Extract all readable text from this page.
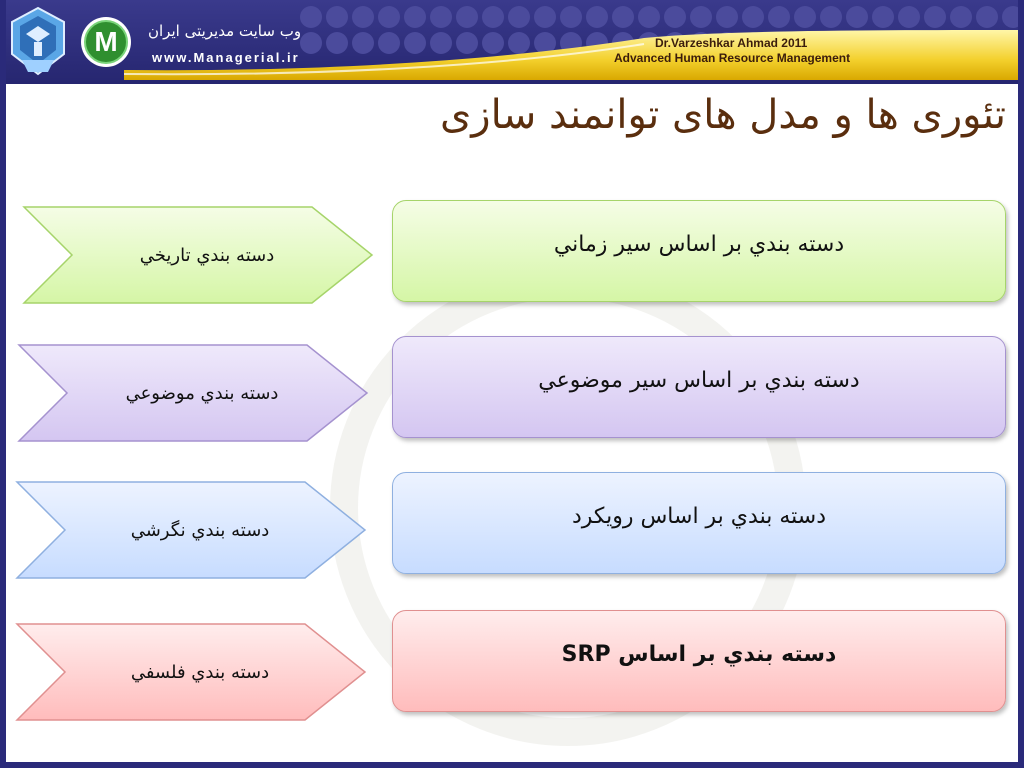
M	وب سایت مدیریتی ایران
www.Managerial.ir
Dr.Varzeshkar Ahmad 2011
Advanced Human Resource Management
تئوری ها و مدل های توانمند سازی
دسته بندي تاريخي	دسته بندي بر اساس سير زماني
دسته بندي موضوعي
دسته بندي بر اساس سير موضوعي
دسته بندي نگرشي
دسته بندي بر اساس رويكرد
دسته بندي فلسفي
دسته بندي بر اساس SRP
